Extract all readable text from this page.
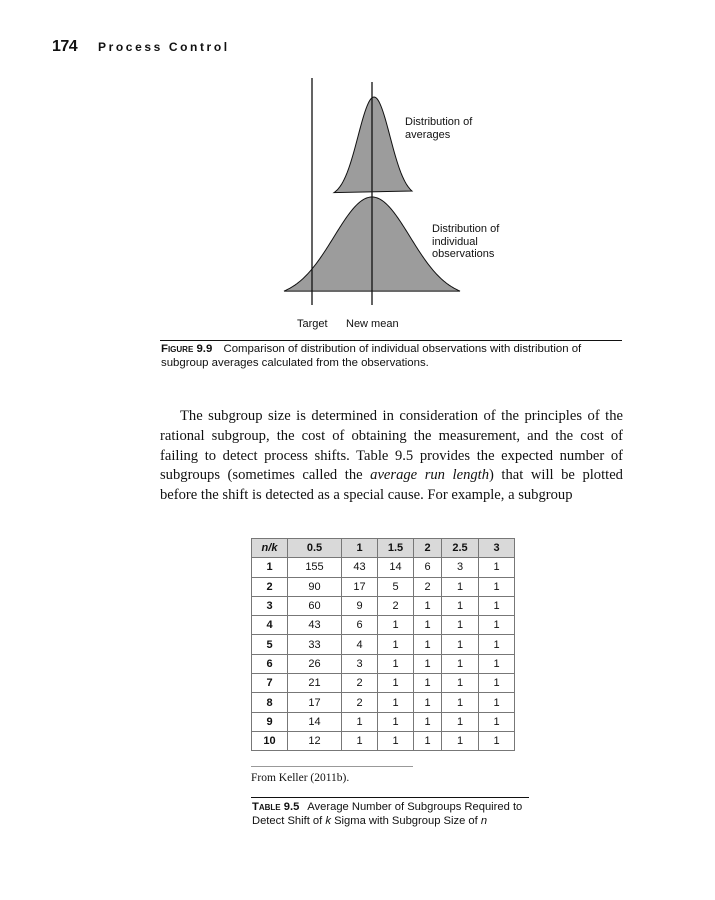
174 Process Control
Distribution of
averages
Distribution of
individual
observations
Target New mean
Figure 9.9 Comparison of distribution of individual observations with distribution of subgroup averages calculated from the observations.
The subgroup size is determined in consideration of the principles of the rational subgroup, the cost of obtaining the measurement, and the cost of failing to detect process shifts. Table 9.5 provides the expected number of subgroups (sometimes called the average run length) that will be plotted before the shift is detected as a special cause. For example, a subgroup
n/k	0.5	1	1.5	2	2.5	3
1	155	43	14	6	3	1
2	90	17	5	2	1	1
3	60	9	2	1	1	1
4	43	6	1	1	1	1
5	33	4	1	1	1	1
6	26	3	1	1	1	1
7	21	2	1	1	1	1
8	17	2	1	1	1	1
9	14	1	1	1	1	1
10	12	1	1	1	1	1
From Keller (2011b).
Table 9.5 Average Number of Subgroups Required to Detect Shift of k Sigma with Subgroup Size of n
